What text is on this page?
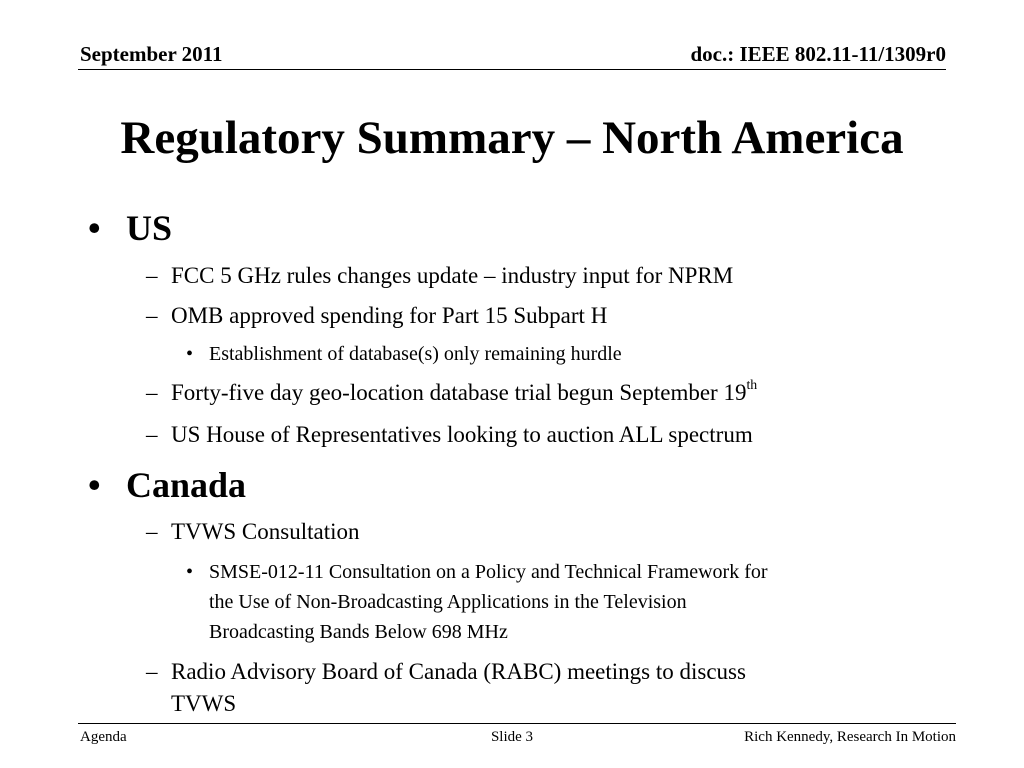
September 2011	doc.: IEEE 802.11-11/1309r0
Regulatory Summary – North America
• US
– FCC 5 GHz rules changes update – industry input for NPRM
– OMB approved spending for Part 15 Subpart H
• Establishment of database(s) only remaining hurdle
– Forty-five day geo-location database trial begun September 19th
– US House of Representatives looking to auction ALL spectrum
• Canada
– TVWS Consultation
• SMSE-012-11 Consultation on a Policy and Technical Framework for
the Use of Non-Broadcasting Applications in the Television
Broadcasting Bands Below 698 MHz
– Radio Advisory Board of Canada (RABC) meetings to discuss
TVWS
Agenda	Slide 3	Rich Kennedy, Research In Motion
